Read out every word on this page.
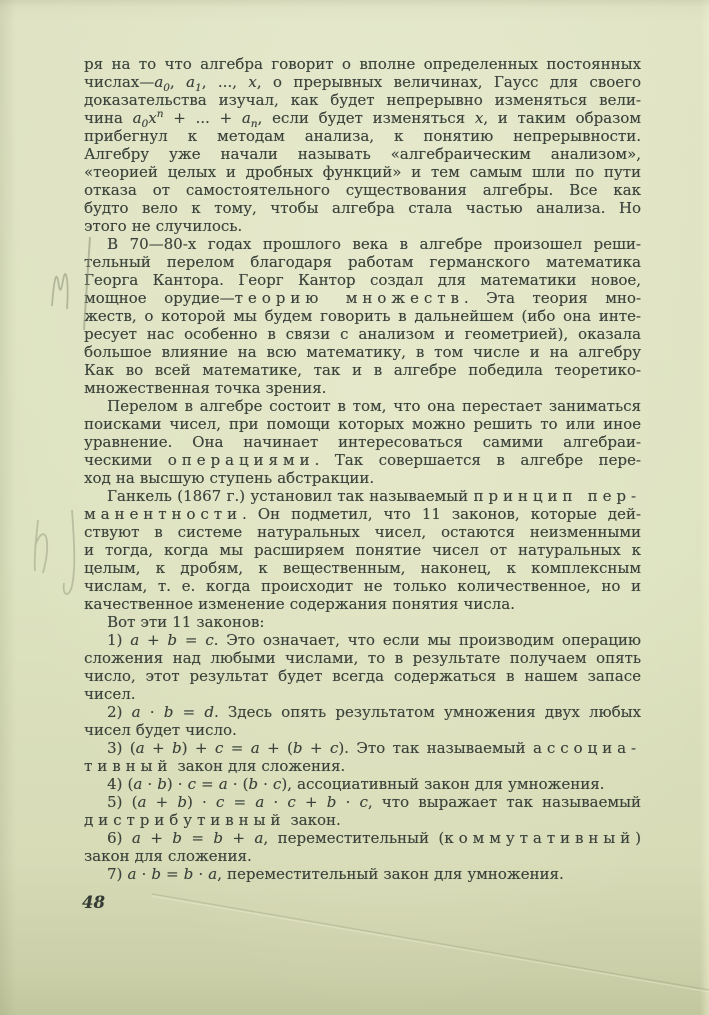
ря на то что алгебра говорит о вполне определенных постоянных
$числах—a_0$, $a_1$, ..., x, о прерывных величинах, Гаусс для своего
доказательства изучал, как будет непрерывно изменяться вели-
чина $a_0x^n$ + ... + $a_n$, если будет изменяться x, и таким образом
прибегнул к методам анализа, к понятию непрерывности.
Алгебру уже начали называть «алгебраическим анализом»,
«теорией целых и дробных функций» и тем самым шли по пути
отказа от самостоятельного существования алгебры. Все как
будто вело к тому, чтобы алгебра стала частью анализа. Но
этого не случилось.
В 70—80-х годах прошлого века в алгебре произошел реши-
тельный перелом благодаря работам германского математика
Георга Кантора. Георг Кантор создал для математики новое,
мощное орудие—теорию множеств. Эта теория мно-
жеств, о которой мы будем говорить в дальнейшем (ибо она инте-
ресует нас особенно в связи с анализом и геометрией), оказала
большое влияние на всю математику, в том числе и на алгебру
Как во всей математике, так и в алгебре победила теоретико-
множественная точка зрения.
Перелом в алгебре состоит в том, что она перестает заниматься
поисками чисел, при помощи которых можно решить то или иное
уравнение. Она начинает интересоваться самими алгебраи-
ческими операциями. Так совершается в алгебре пере-
ход на высшую ступень абстракции.
Ганкель (1867 г.) установил так называемый принцип пер-
манентности. Он подметил, что 11 законов, которые дей-
ствуют в системе натуральных чисел, остаются неизменными
и тогда, когда мы расширяем понятие чисел от натуральных к
целым, к дробям, к вещественным, наконец, к комплексным
числам, т. е. когда происходит не только количественное, но и
качественное изменение содержания понятия числа.
Вот эти 11 законов:
1) a + b = c. Это означает, что если мы производим операцию
сложения над любыми числами, то в результате получаем опять
число, этот результат будет всегда содержаться в нашем запасе
чисел.
2) a · b = d. Здесь опять результатом умножения двух любых
чисел будет число.
3) (a + b) + c = a + (b + c). Это так называемый ассоциа-
тивный закон для сложения.
4) (a · b) · c = a · (b · c), ассоциативный закон для умножения.
5) (a + b) · c = a · c + b · c, что выражает так называемый
дистрибутивный закон.
6) a + b = b + a, переместительный (коммутативный)
закон для сложения.
7) a · b = b · a, переместительный закон для умножения.
48
